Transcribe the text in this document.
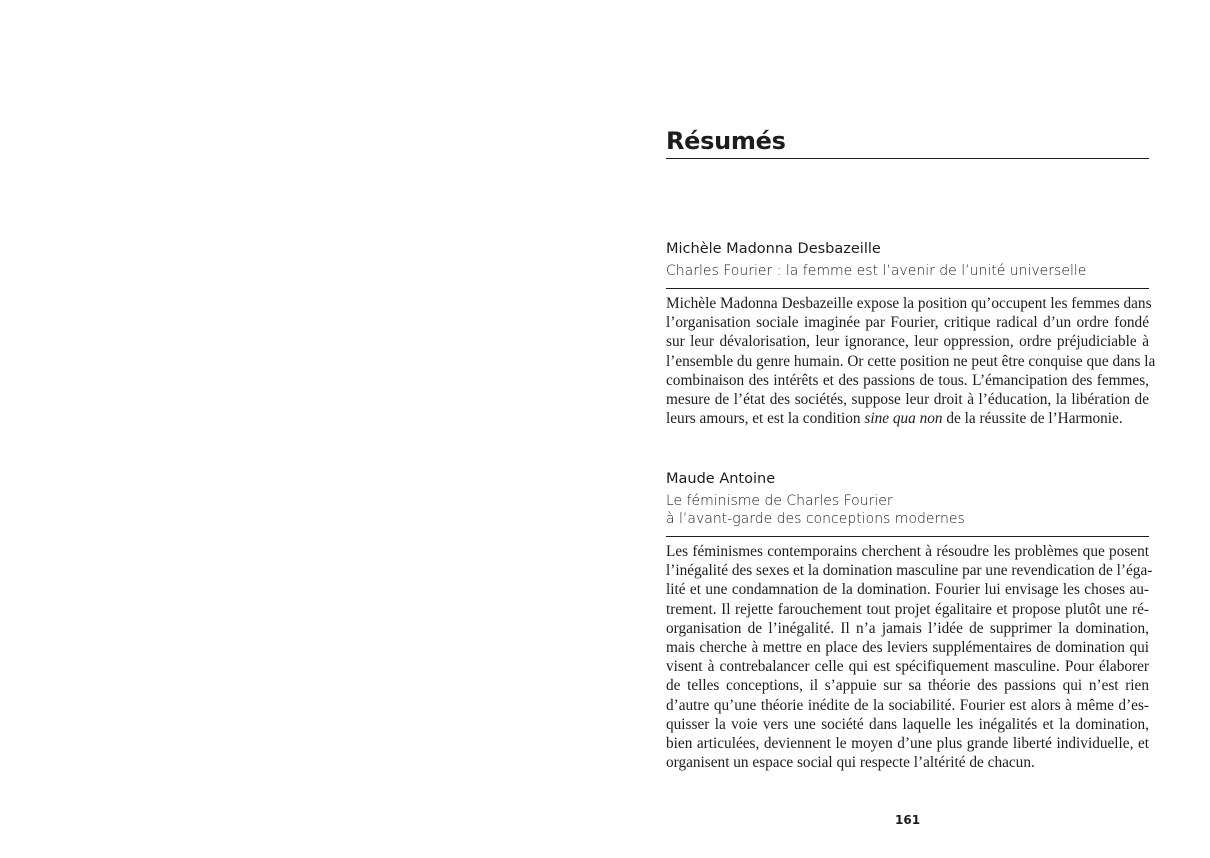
Résumés

Michèle Madonna Desbazeille

Charles Fourier : la femme est l’avenir de l’unité universelle
Michèle Madonna Desbazeille expose la position qu’occupent les femmes dans
l’organisation sociale imaginée par Fourier, critique radical d’un ordre fondé
sur leur dévalorisation, leur ignorance, leur oppression, ordre préjudiciable à
l’ensemble du genre humain. Or cette position ne peut être conquise que dans la
combinaison des intérêts et des passions de tous. L’émancipation des femmes,
mesure de l’état des sociétés, suppose leur droit à l’éducation, la libération de
leurs amours, et est la condition sine qua non de la réussite de l’Harmonie.

Maude Antoine

Le féminisme de Charles Fourier
à l’avant-garde des conceptions modernes
Les féminismes contemporains cherchent à résoudre les problèmes que posent
l’inégalité des sexes et la domination masculine par une revendication de l’éga-
lité et une condamnation de la domination. Fourier lui envisage les choses au-
trement. Il rejette farouchement tout projet égalitaire et propose plutôt une ré-
organisation de l’inégalité. Il n’a jamais l’idée de supprimer la domination,
mais cherche à mettre en place des leviers supplémentaires de domination qui
visent à contrebalancer celle qui est spécifiquement masculine. Pour élaborer
de telles conceptions, il s’appuie sur sa théorie des passions qui n’est rien
d’autre qu’une théorie inédite de la sociabilité. Fourier est alors à même d’es-
quisser la voie vers une société dans laquelle les inégalités et la domination,
bien articulées, deviennent le moyen d’une plus grande liberté individuelle, et
organisent un espace social qui respecte l’altérité de chacun.
161
